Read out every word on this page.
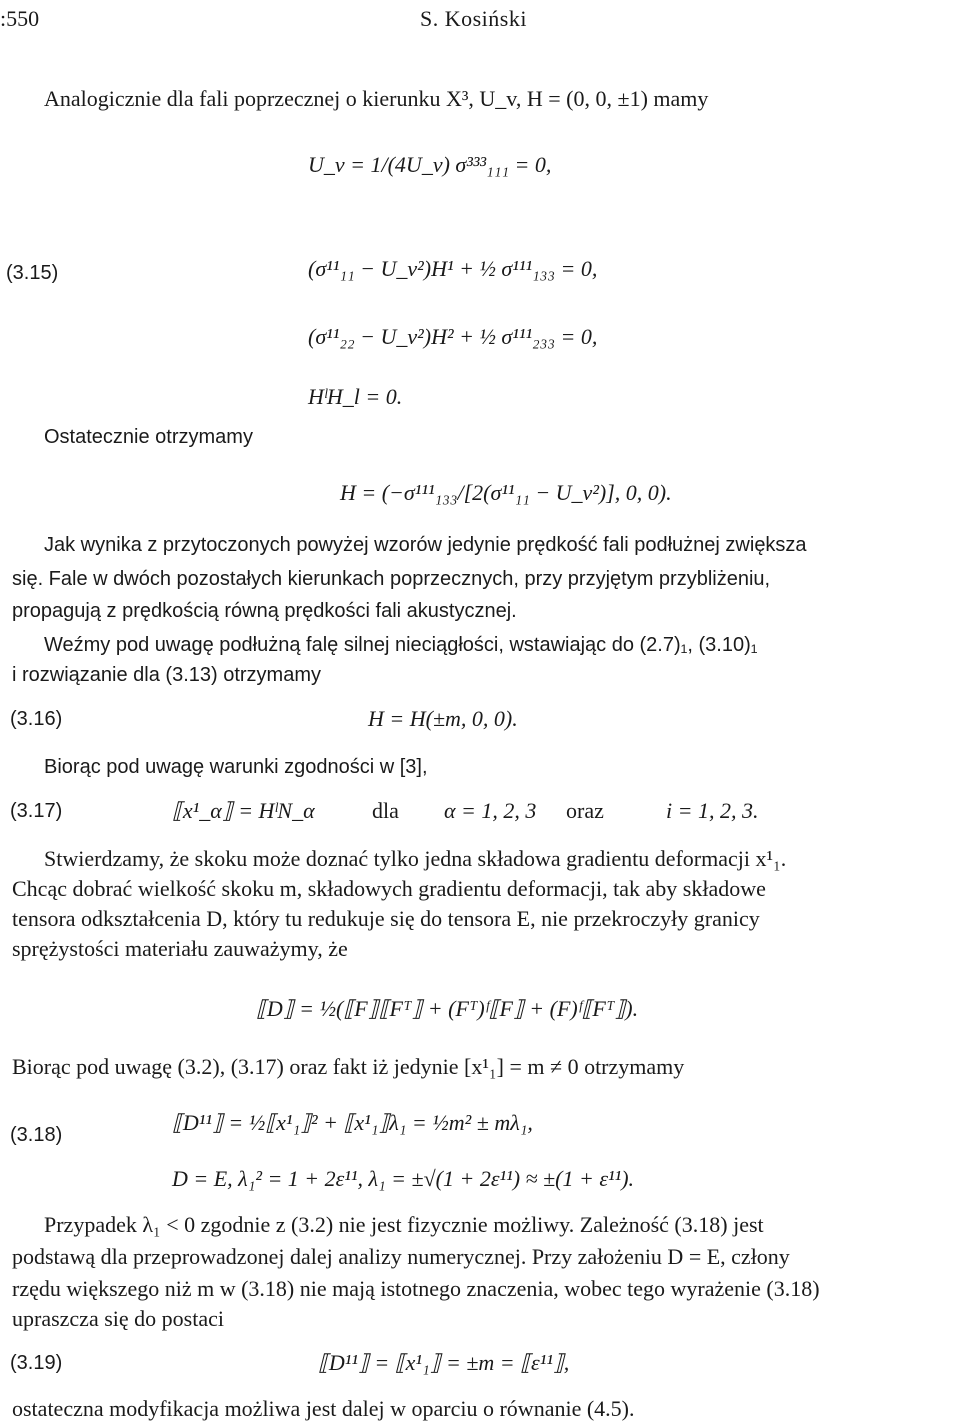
:550	S. Kosiński
Analogicznie dla fali poprzecznej o kierunku X³, U_v, H = (0, 0, ±1) mamy
(3.15)
U_v = 1/(4U_v) σ³³³₁₁₁ = 0,
(σ¹¹₁₁ − U_v²)H¹ + ½ σ¹¹¹₁₃₃ = 0,
(σ¹¹₂₂ − U_v²)H² + ½ σ¹¹¹₂₃₃ = 0,
HˡH_l = 0.
Ostatecznie otrzymamy
H = (−σ¹¹¹₁₃₃/[2(σ¹¹₁₁ − U_v²)], 0, 0).
Jak wynika z przytoczonych powyżej wzorów jedynie prędkość fali podłużnej zwiększa
się. Fale w dwóch pozostałych kierunkach poprzecznych, przy przyjętym przybliżeniu,
propagują z prędkością równą prędkości fali akustycznej.
Weźmy pod uwagę podłużną falę silnej nieciągłości, wstawiając do (2.7)₁, (3.10)₁
i rozwiązanie dla (3.13) otrzymamy
(3.16)	H = H(±m, 0, 0).
Biorąc pod uwagę warunki zgodności w [3],
(3.17)	⟦x¹_α⟧ = HˡN_α	dla α = 1, 2, 3 oraz	i = 1, 2, 3.
Stwierdzamy, że skoku może doznać tylko jedna składowa gradientu deformacji x¹₁.
Chcąc dobrać wielkość skoku m, składowych gradientu deformacji, tak aby składowe
tensora odkształcenia D, który tu redukuje się do tensora E, nie przekroczyły granicy
sprężystości materiału zauważymy, że
⟦D⟧ = ½(⟦F⟧⟦Fᵀ⟧ + (Fᵀ)ᶠ⟦F⟧ + (F)ᶠ⟦Fᵀ⟧).
Biorąc pod uwagę (3.2), (3.17) oraz fakt iż jedynie [x¹₁] = m ≠ 0 otrzymamy
(3.18)	⟦D¹¹⟧ = ½⟦x¹₁⟧² + ⟦x¹₁⟧λ₁ = ½m² ± mλ₁,
D = E, λ₁² = 1 + 2ε¹¹, λ₁ = ±√(1 + 2ε¹¹) ≈ ±(1 + ε¹¹).
Przypadek λ₁ < 0 zgodnie z (3.2) nie jest fizycznie możliwy. Zależność (3.18) jest
podstawą dla przeprowadzonej dalej analizy numerycznej. Przy założeniu D = E, człony
rzędu większego niż m w (3.18) nie mają istotnego znaczenia, wobec tego wyrażenie (3.18)
upraszcza się do postaci
(3.19)	⟦D¹¹⟧ = ⟦x¹₁⟧ = ±m = ⟦ε¹¹⟧,
ostateczna modyfikacja możliwa jest dalej w oparciu o równanie (4.5).
